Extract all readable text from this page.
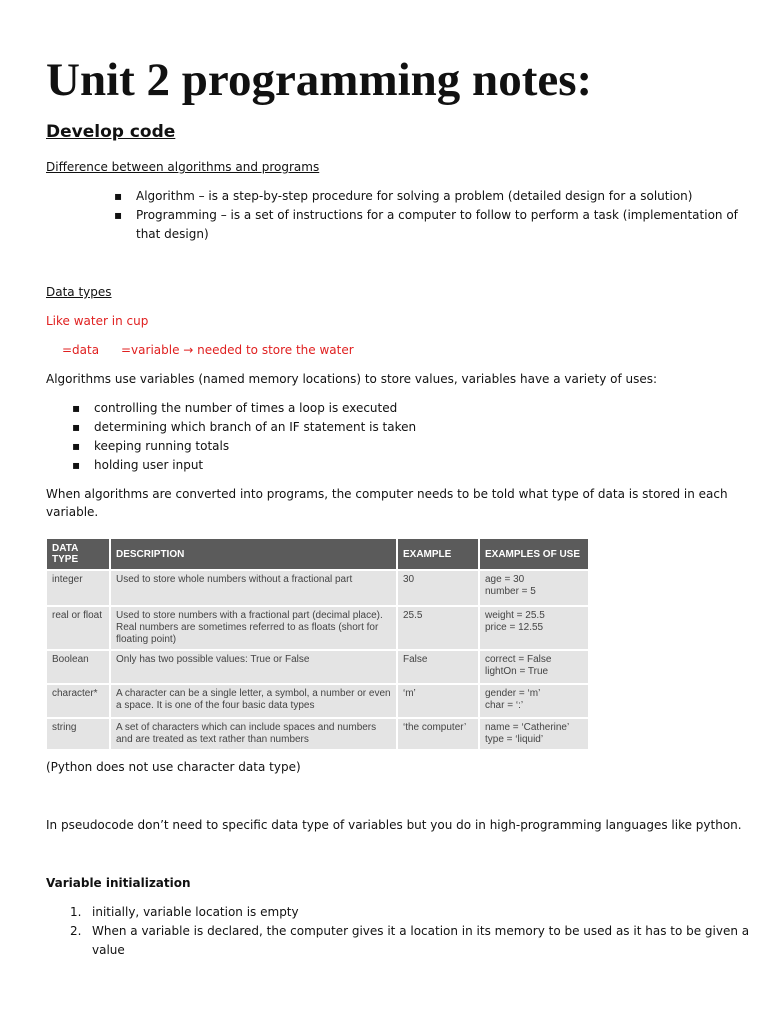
Unit 2 programming notes:
Develop code
Difference between algorithms and programs
▪ Algorithm – is a step-by-step procedure for solving a problem (detailed design for a solution)
▪ Programming – is a set of instructions for a computer to follow to perform a task (implementation of
that design)
Data types
Like water in cup
=data =variable → needed to store the water
Algorithms use variables (named memory locations) to store values, variables have a variety of uses:
▪ controlling the number of times a loop is executed
▪ determining which branch of an IF statement is taken
▪ keeping running totals
▪ holding user input
When algorithms are converted into programs, the computer needs to be told what type of data is stored in each
variable.
DATA TYPE	DESCRIPTION	EXAMPLE	EXAMPLES OF USE
integer	Used to store whole numbers without a fractional part	30	age = 30
number = 5

real or float	Used to store numbers with a fractional part (decimal place). Real numbers are sometimes referred to as floats (short for floating point)	25.5	weight = 25.5
price = 12.55

Boolean	Only has two possible values: True or False	False	correct = False
lightOn = True

character*	A character can be a single letter, a symbol, a number or even a space. It is one of the four basic data types	‘m’	gender = ‘m’
char = ‘:’

string	A set of characters which can include spaces and numbers and are treated as text rather than numbers	‘the computer’	name = ‘Catherine’
type = ‘liquid’
(Python does not use character data type)
In pseudocode don’t need to specific data type of variables but you do in high-programming languages like python.
Variable initialization
1. initially, variable location is empty
2. When a variable is declared, the computer gives it a location in its memory to be used as it has to be given a
value
